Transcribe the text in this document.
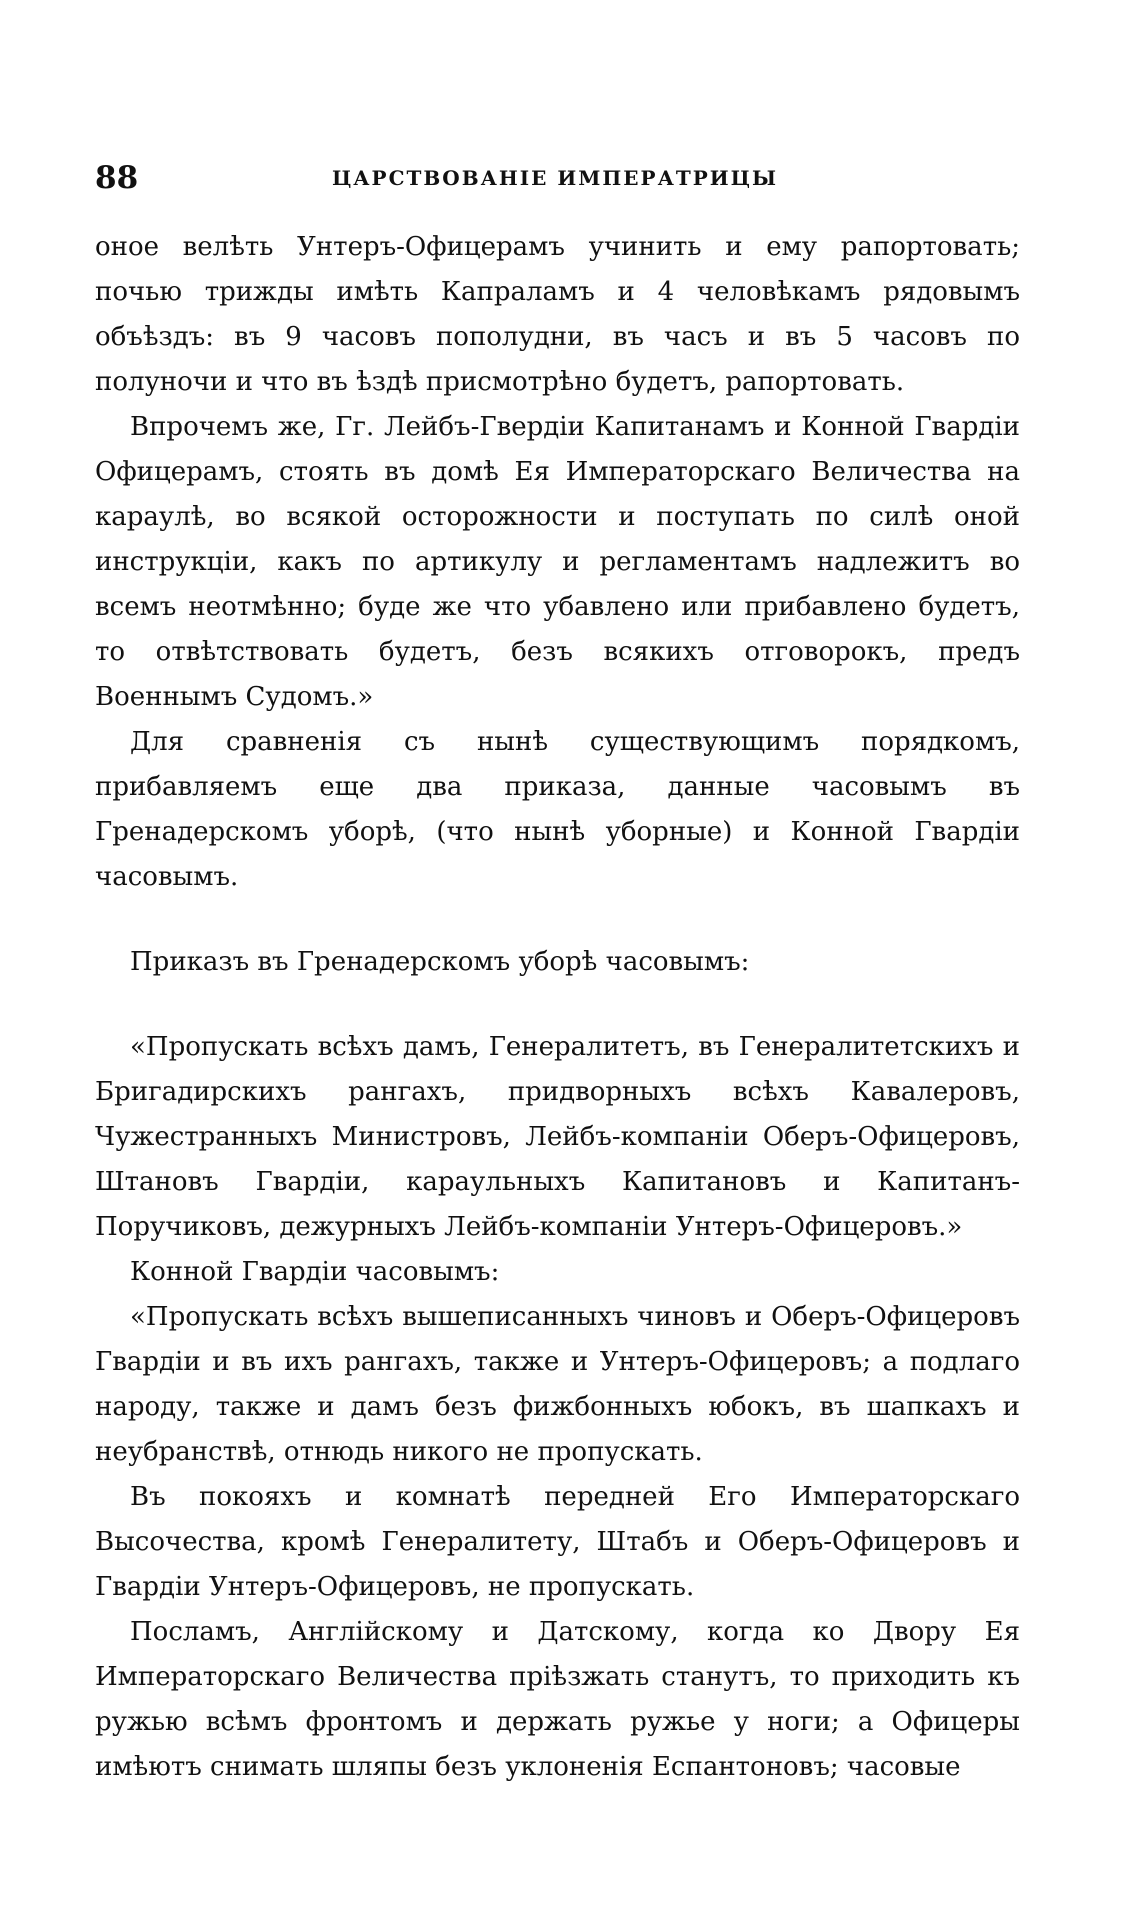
88	ЦАРСТВОВАНІЕ ИМПЕРАТРИЦЫ

оное велѣть Унтеръ-Офицерамъ учинить и ему рапортовать; почью трижды имѣть Капраламъ и 4 человѣкамъ рядовымъ объѣздъ: въ 9 часовъ пополудни, въ часъ и въ 5 часовъ по полуночи и что въ ѣздѣ присмотрѣно будетъ, рапортовать.

Впрочемъ же, Гг. Лейбъ-Гвердіи Капитанамъ и Конной Гвардіи Офицерамъ, стоять въ домѣ Ея Императорскаго Величества на караулѣ, во всякой осторожности и поступать по силѣ оной инструкціи, какъ по артикулу и регламентамъ надлежитъ во всемъ неотмѣнно; буде же что убавлено или прибавлено будетъ, то отвѣтствовать будетъ, безъ всякихъ отговорокъ, предъ Военнымъ Судомъ.»

Для сравненія съ нынѣ существующимъ порядкомъ, прибавляемъ еще два приказа, данные часовымъ въ Гренадерскомъ уборѣ, (что нынѣ уборные) и Конной Гвардіи часовымъ.

Приказъ въ Гренадерскомъ уборѣ часовымъ:

«Пропускать всѣхъ дамъ, Генералитетъ, въ Генералитетскихъ и Бригадирскихъ рангахъ, придворныхъ всѣхъ Кавалеровъ, Чужестранныхъ Министровъ, Лейбъ-компаніи Оберъ-Офицеровъ, Штановъ Гвардіи, караульныхъ Капитановъ и Капитанъ-Поручиковъ, дежурныхъ Лейбъ-компаніи Унтеръ-Офицеровъ.»

Конной Гвардіи часовымъ:

«Пропускать всѣхъ вышеписанныхъ чиновъ и Оберъ-Офицеровъ Гвардіи и въ ихъ рангахъ, также и Унтеръ-Офицеровъ; а подлаго народу, также и дамъ безъ фижбонныхъ юбокъ, въ шапкахъ и неубранствѣ, отнюдь никого не пропускать.

Въ покояхъ и комнатѣ передней Его Императорскаго Высочества, кромѣ Генералитету, Штабъ и Оберъ-Офицеровъ и Гвардіи Унтеръ-Офицеровъ, не пропускать.

Посламъ, Англійскому и Датскому, когда ко Двору Ея Императорскаго Величества пріѣзжать станутъ, то приходить къ ружью всѣмъ фронтомъ и держать ружье у ноги; а Офицеры имѣютъ снимать шляпы безъ уклоненія Еспантоновъ; часовые
